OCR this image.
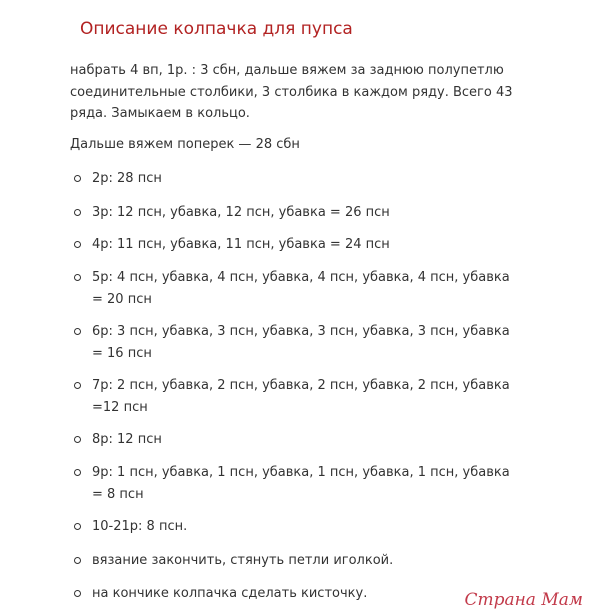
Описание колпачка для пупса
набрать 4 вп, 1р. : 3 сбн, дальше вяжем за заднюю полупетлю соединительные столбики, 3 столбика в каждом ряду. Всего 43 ряда. Замыкаем в кольцо.
Дальше вяжем поперек — 28 сбн
2р: 28 псн
3р: 12 псн, убавка, 12 псн, убавка = 26 псн
4р: 11 псн, убавка, 11 псн, убавка = 24 псн
5р: 4 псн, убавка, 4 псн, убавка, 4 псн, убавка, 4 псн, убавка = 20 псн
6р: 3 псн, убавка, 3 псн, убавка, 3 псн, убавка, 3 псн, убавка = 16 псн
7р: 2 псн, убавка, 2 псн, убавка, 2 псн, убавка, 2 псн, убавка =12 псн
8р: 12 псн
9р: 1 псн, убавка, 1 псн, убавка, 1 псн, убавка, 1 псн, убавка = 8 псн
10-21р: 8 псн.
вязание закончить, стянуть петли иголкой.
на кончике колпачка сделать кисточку.	Страна Мам
